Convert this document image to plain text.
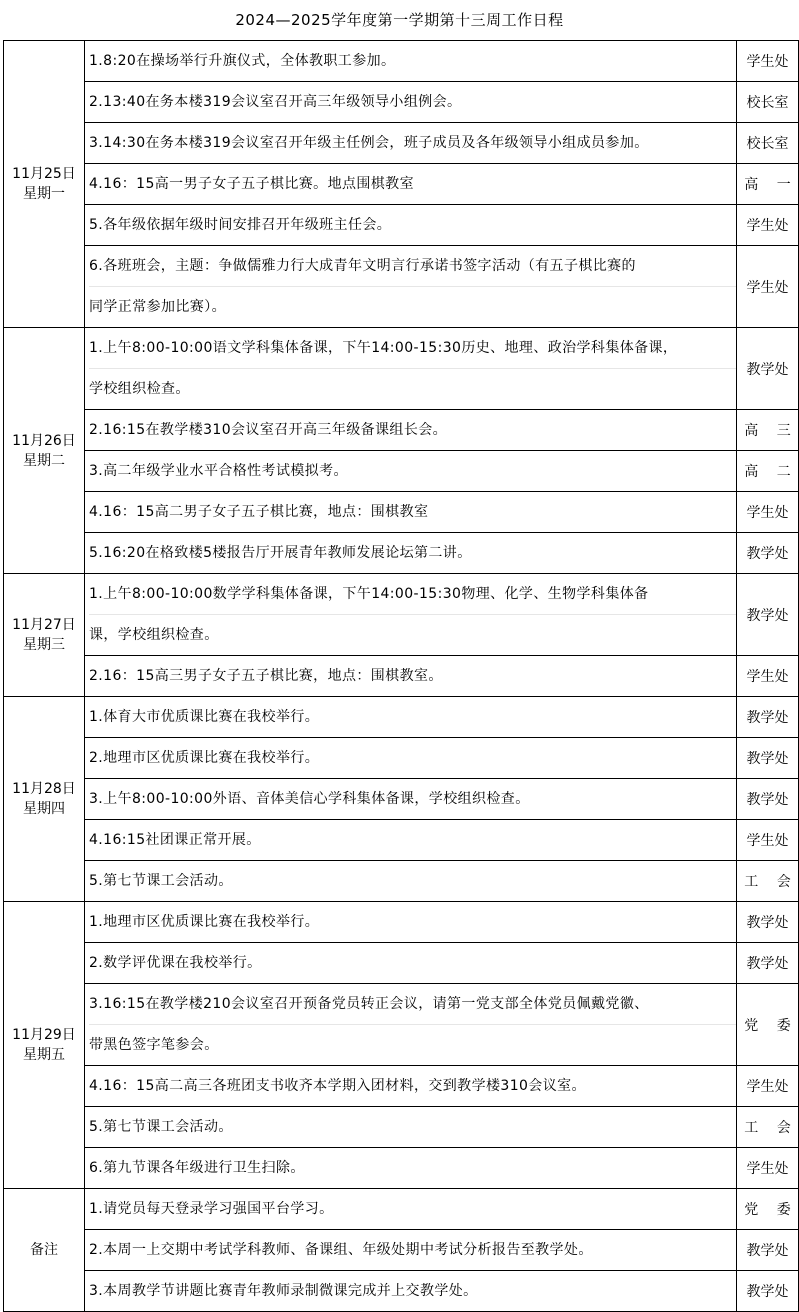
2024—2025学年度第一学期第十三周工作日程
11月25日
星期一	1.8:20在操场举行升旗仪式，全体教职工参加。	学生处

	2.13:40在务本楼319会议室召开高三年级领导小组例会。	校长室

	3.14:30在务本楼319会议室召开年级主任例会，班子成员及各年级领导小组成员参加。	校长室

	4.16：15高一男子女子五子棋比赛。地点围棋教室	高　 一

	5.各年级依据年级时间安排召开年级班主任会。	学生处

	6.各班班会，主题：争做儒雅力行大成青年文明言行承诺书签字活动（有五子棋比赛的
同学正常参加比赛）。	学生处

11月26日
星期二	1.上午8:00-10:00语文学科集体备课，下午14:00-15:30历史、地理、政治学科集体备课，
学校组织检查。	教学处

	2.16:15在教学楼310会议室召开高三年级备课组长会。	高　 三

	3.高二年级学业水平合格性考试模拟考。	高　 二

	4.16：15高二男子女子五子棋比赛，地点：围棋教室	学生处

	5.16:20在格致楼5楼报告厅开展青年教师发展论坛第二讲。	教学处

11月27日
星期三	1.上午8:00-10:00数学学科集体备课，下午14:00-15:30物理、化学、生物学科集体备
课，学校组织检查。	教学处

	2.16：15高三男子女子五子棋比赛，地点：围棋教室。	学生处

11月28日
星期四	1.体育大市优质课比赛在我校举行。	教学处

	2.地理市区优质课比赛在我校举行。	教学处

	3.上午8:00-10:00外语、音体美信心学科集体备课，学校组织检查。	教学处

	4.16:15社团课正常开展。	学生处

	5.第七节课工会活动。	工　 会

11月29日
星期五	1.地理市区优质课比赛在我校举行。	教学处

	2.数学评优课在我校举行。	教学处

	3.16:15在教学楼210会议室召开预备党员转正会议，请第一党支部全体党员佩戴党徽、
带黑色签字笔参会。	党　 委

	4.16：15高二高三各班团支书收齐本学期入团材料，交到教学楼310会议室。	学生处

	5.第七节课工会活动。	工　 会

	6.第九节课各年级进行卫生扫除。	学生处

备注	1.请党员每天登录学习强国平台学习。	党　 委

	2.本周一上交期中考试学科教师、备课组、年级处期中考试分析报告至教学处。	教学处

	3.本周教学节讲题比赛青年教师录制微课完成并上交教学处。	教学处
